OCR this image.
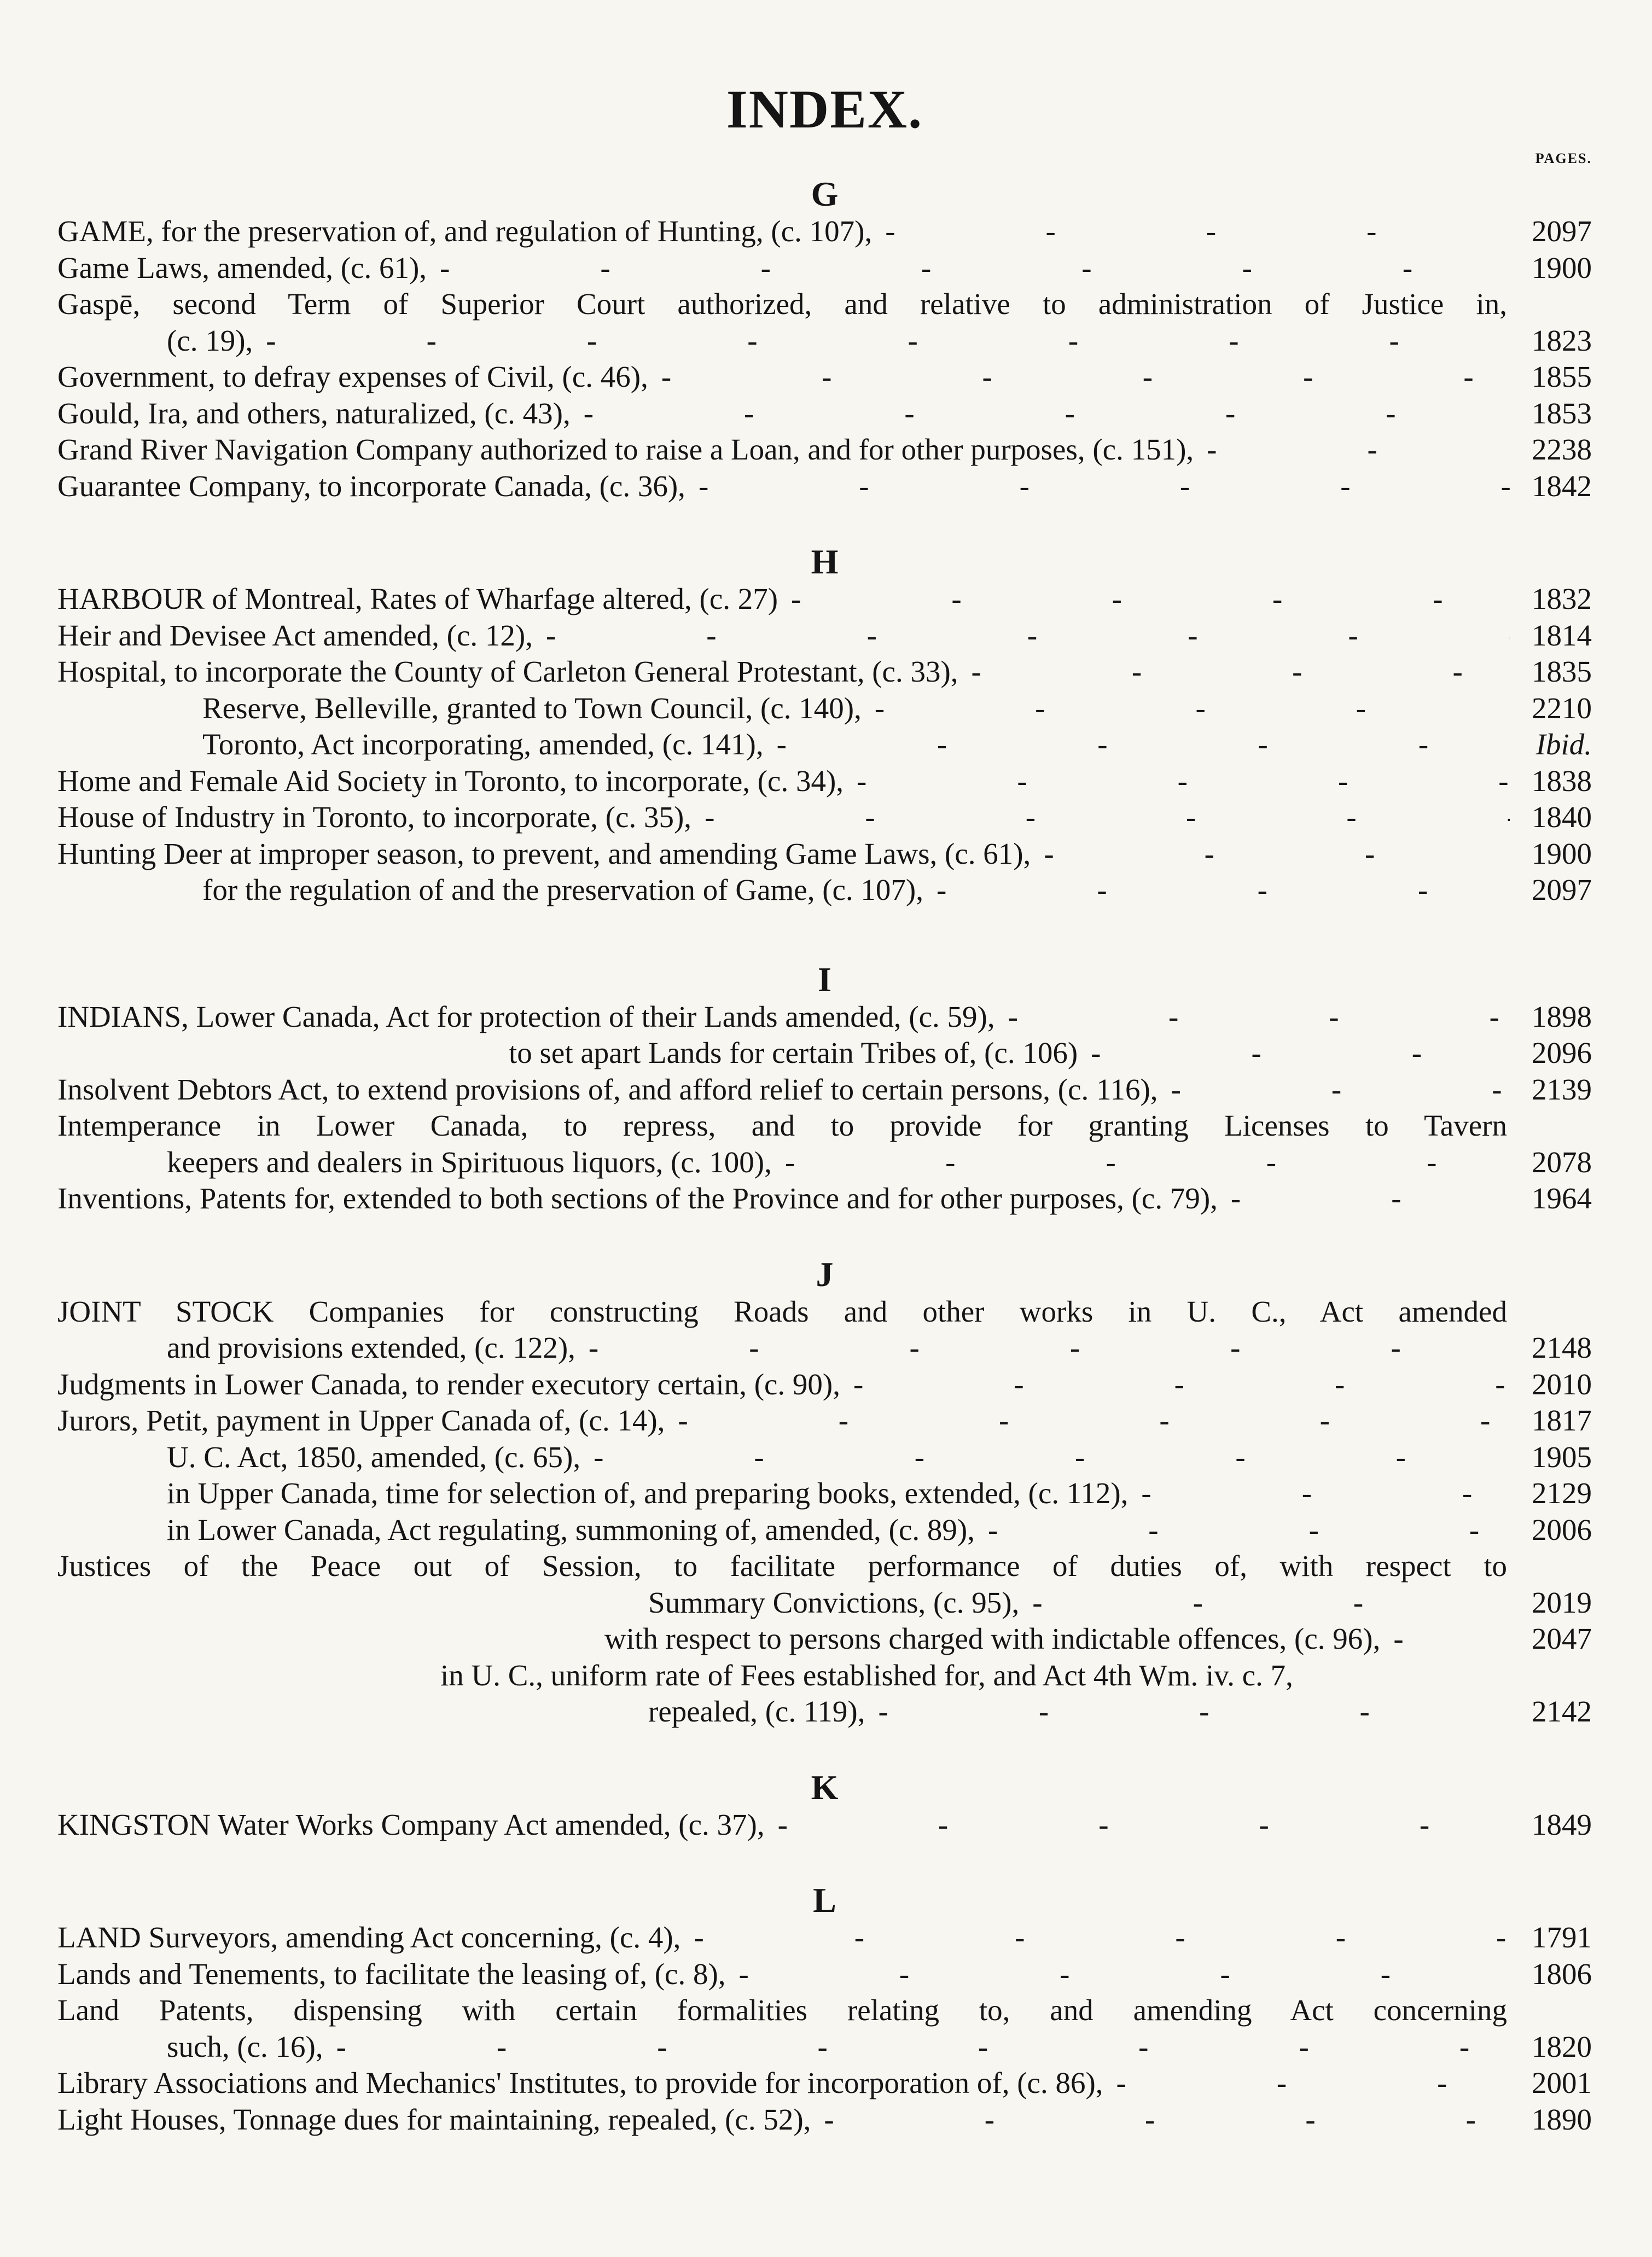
INDEX.
PAGES.
G
GAME, for the preservation of, and regulation of Hunting, (c. 107), -	2097
Game Laws, amended, (c. 61), -	1900
Gaspē, second Term of Superior Court authorized, and relative to administration of Justice in,
(c. 19), -	1823
Government, to defray expenses of Civil, (c. 46), -	1855
Gould, Ira, and others, naturalized, (c. 43), -	1853
Grand River Navigation Company authorized to raise a Loan, and for other purposes, (c. 151), -	2238
Guarantee Company, to incorporate Canada, (c. 36), -	1842
H
HARBOUR of Montreal, Rates of Wharfage altered, (c. 27) -	1832
Heir and Devisee Act amended, (c. 12), -	1814
Hospital, to incorporate the County of Carleton General Protestant, (c. 33), -	1835
Reserve, Belleville, granted to Town Council, (c. 140), -	2210
Toronto, Act incorporating, amended, (c. 141), -	Ibid.
Home and Female Aid Society in Toronto, to incorporate, (c. 34), -	1838
House of Industry in Toronto, to incorporate, (c. 35), -	1840
Hunting Deer at improper season, to prevent, and amending Game Laws, (c. 61), -	1900
for the regulation of and the preservation of Game, (c. 107), -	2097
I
INDIANS, Lower Canada, Act for protection of their Lands amended, (c. 59), -	1898
to set apart Lands for certain Tribes of, (c. 106) -	2096
Insolvent Debtors Act, to extend provisions of, and afford relief to certain persons, (c. 116), -	2139
Intemperance in Lower Canada, to repress, and to provide for granting Licenses to Tavern
keepers and dealers in Spirituous liquors, (c. 100), -	2078
Inventions, Patents for, extended to both sections of the Province and for other purposes, (c. 79), -	1964
J
JOINT STOCK Companies for constructing Roads and other works in U. C., Act amended
and provisions extended, (c. 122), -	2148
Judgments in Lower Canada, to render executory certain, (c. 90), -	2010
Jurors, Petit, payment in Upper Canada of, (c. 14), -	1817
U. C. Act, 1850, amended, (c. 65), -	1905
in Upper Canada, time for selection of, and preparing books, extended, (c. 112), -	2129
in Lower Canada, Act regulating, summoning of, amended, (c. 89), -	2006
Justices of the Peace out of Session, to facilitate performance of duties of, with respect to
Summary Convictions, (c. 95), -	2019
with respect to persons charged with indictable offences, (c. 96), -	2047
in U. C., uniform rate of Fees established for, and Act 4th Wm. iv. c. 7,
repealed, (c. 119), -	2142
K
KINGSTON Water Works Company Act amended, (c. 37), -	1849
L
LAND Surveyors, amending Act concerning, (c. 4), -	1791
Lands and Tenements, to facilitate the leasing of, (c. 8), -	1806
Land Patents, dispensing with certain formalities relating to, and amending Act concerning
such, (c. 16), -	1820
Library Associations and Mechanics' Institutes, to provide for incorporation of, (c. 86), -	2001
Light Houses, Tonnage dues for maintaining, repealed, (c. 52), -	1890
